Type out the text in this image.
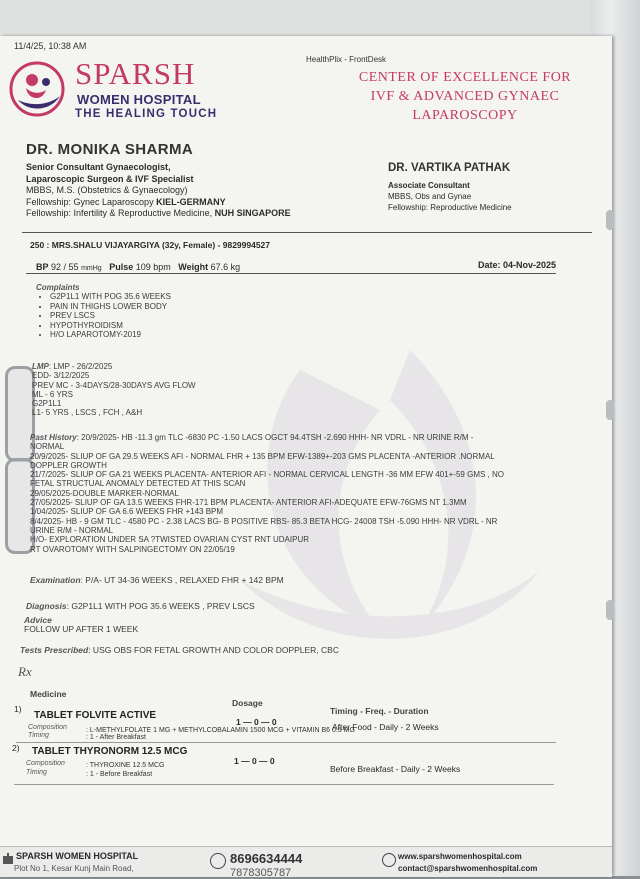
11/4/25, 10:38 AM
SPARSH
WOMEN HOSPITAL
THE HEALING TOUCH
HealthPlix - FrontDesk
CENTER OF EXCELLENCE FOR
IVF & ADVANCED GYNAEC
LAPAROSCOPY
DR. MONIKA SHARMA
Senior Consultant Gynaecologist,
Laparoscopic Surgeon & IVF Specialist
MBBS, M.S. (Obstetrics & Gynaecology)
Fellowship: Gynec Laparoscopy KIEL-GERMANY
Fellowship: Infertility & Reproductive Medicine, NUH SINGAPORE
DR. VARTIKA PATHAK
Associate Consultant
MBBS, Obs and Gynae
Fellowship: Reproductive Medicine
250 : MRS.SHALU VIJAYARGIYA (32y, Female) - 9829994527
BP 92 / 55 mmHg Pulse 109 bpm Weight 67.6 kg	Date: 04-Nov-2025
Complaints
• G2P1L1 WITH POG 35.6 WEEKS
• PAIN IN THIGHS LOWER BODY
• PREV LSCS
• HYPOTHYROIDISM
• H/O LAPAROTOMY-2019
LMP: LMP - 26/2/2025
EDD- 3/12/2025
PREV MC - 3-4DAYS/28-30DAYS AVG FLOW
ML - 6 YRS
G2P1L1
L1- 5 YRS , LSCS , FCH , A&H
Past History: 20/9/2025- HB -11.3 gm TLC -6830 PC -1.50 LACS OGCT 94.4TSH -2.690 HHH- NR VDRL - NR URINE R/M -
NORMAL
20/9/2025- SLIUP OF GA 29.5 WEEKS AFI - NORMAL FHR + 135 BPM EFW-1389+-203 GMS PLACENTA -ANTERIOR .NORMAL
DOPPLER GROWTH
21/7/2025- SLIUP OF GA 21 WEEKS PLACENTA- ANTERIOR AFI - NORMAL CERVICAL LENGTH -36 MM EFW 401+-59 GMS , NO
FETAL STRUCTUAL ANOMALY DETECTED AT THIS SCAN
29/05/2025-DOUBLE MARKER-NORMAL
27/05/2025- SLIUP OF GA 13.5 WEEKS FHR-171 BPM PLACENTA- ANTERIOR AFI-ADEQUATE EFW-76GMS NT 1.3MM
1/04/2025- SLIUP OF GA 6.6 WEEKS FHR +143 BPM
8/4/2025- HB - 9 GM TLC - 4580 PC - 2.38 LACS BG- B POSITIVE RBS- 85.3 BETA HCG- 24008 TSH -5.090 HHH- NR VDRL - NR
URINE R/M - NORMAL
H/O- EXPLORATION UNDER SA ?TWISTED OVARIAN CYST RNT UDAIPUR
RT OVAROTOMY WITH SALPINGECTOMY ON 22/05/19
Examination: P/A- UT 34-36 WEEKS , RELAXED FHR + 142 BPM
Diagnosis: G2P1L1 WITH POG 35.6 WEEKS , PREV LSCS
Advice
FOLLOW UP AFTER 1 WEEK
Tests Prescribed: USG OBS FOR FETAL GROWTH AND COLOR DOPPLER, CBC
Rx
Medicine
Dosage
Timing - Freq. - Duration
1)
TABLET FOLVITE ACTIVE
1 — 0 — 0	After Food - Daily - 2 Weeks
Composition	: L-METHYLFOLATE 1 MG + METHYLCOBALAMIN 1500 MCG + VITAMIN B6 0.5 MG
Timing	: 1 - After Breakfast
2) TABLET THYRONORM 12.5 MCG
1 — 0 — 0
Before Breakfast - Daily - 2 Weeks
Composition	: THYROXINE 12.5 MCG
Timing	: 1 - Before Breakfast
SPARSH WOMEN HOSPITAL
Plot No 1, Kesar Kunj Main Road,
8696634444
7878305787
www.sparshwomenhospital.com
contact@sparshwomenhospital.com
